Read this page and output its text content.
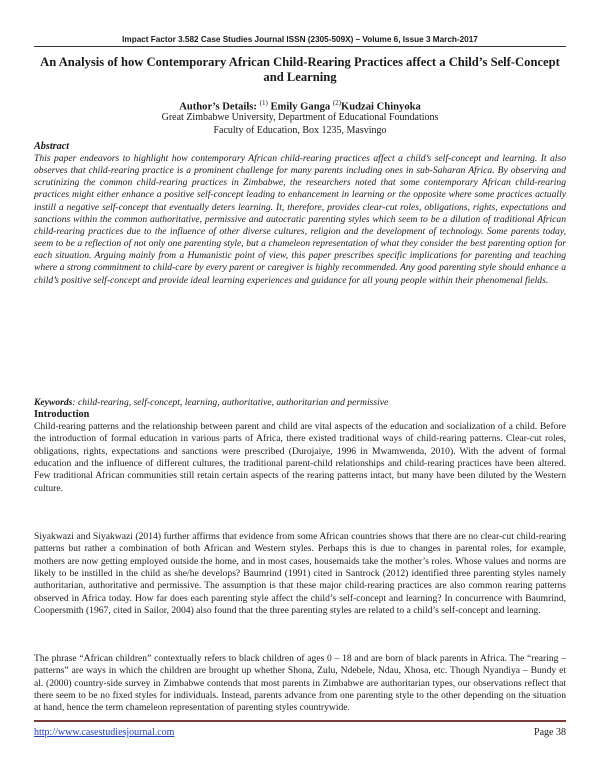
Impact Factor 3.582 Case Studies Journal ISSN (2305-509X) – Volume 6, Issue 3 March-2017
An Analysis of how Contemporary African Child-Rearing Practices affect a Child’s Self-Concept and Learning
Author’s Details: $^{(1)}$ Emily Ganga $^{(2)}$Kudzai Chinyoka
Great Zimbabwe University, Department of Educational Foundations
Faculty of Education, Box 1235, Masvingo
Abstract

This paper endeavors to highlight how contemporary African child-rearing practices affect a child’s self-concept and learning. It also observes that child-rearing practice is a prominent challenge for many parents including ones in sub-Saharan Africa. By observing and scrutinizing the common child-rearing practices in Zimbabwe, the researchers noted that some contemporary African child-rearing practices might either enhance a positive self-concept leading to enhancement in learning or the opposite where some practices actually instill a negative self-concept that eventually deters learning. It, therefore, provides clear-cut roles, obligations, rights, expectations and sanctions within the common authoritative, permissive and autocratic parenting styles which seem to be a dilution of traditional African child-rearing practices due to the influence of other diverse cultures, religion and the development of technology. Some parents today, seem to be a reflection of not only one parenting style, but a chameleon representation of what they consider the best parenting option for each situation. Arguing mainly from a Humanistic point of view, this paper prescribes specific implications for parenting and teaching where a strong commitment to child-care by every parent or caregiver is highly recommended. Any good parenting style should enhance a child’s positive self-concept and provide ideal learning experiences and guidance for all young people within their phenomenal fields.

Keywords: child-rearing, self-concept, learning, authoritative, authoritarian and permissive
Introduction

Child-rearing patterns and the relationship between parent and child are vital aspects of the education and socialization of a child. Before the introduction of formal education in various parts of Africa, there existed traditional ways of child-rearing patterns. Clear-cut roles, obligations, rights, expectations and sanctions were prescribed (Durojaiye, 1996 in Mwamwenda, 2010). With the advent of formal education and the influence of different cultures, the traditional parent-child relationships and child-rearing practices have been altered. Few traditional African communities still retain certain aspects of the rearing patterns intact, but many have been diluted by the Western culture.

Siyakwazi and Siyakwazi (2014) further affirms that evidence from some African countries shows that there are no clear-cut child-rearing patterns but rather a combination of both African and Western styles. Perhaps this is due to changes in parental roles, for example, mothers are now getting employed outside the home, and in most cases, housemaids take the mother’s roles. Whose values and norms are likely to be instilled in the child as she/he develops? Baumrind (1991) cited in Santrock (2012) identified three parenting styles namely authoritarian, authoritative and permissive. The assumption is that these major child-rearing practices are also common rearing patterns observed in Africa today. How far does each parenting style affect the child’s self-concept and learning? In concurrence with Baumrind, Coopersmith (1967, cited in Sailor, 2004) also found that the three parenting styles are related to a child’s self-concept and learning.

The phrase “African children” contextually refers to black children of ages 0 – 18 and are born of black parents in Africa. The “rearing – patterns” are ways in which the children are brought up whether Shona, Zulu, Ndebele, Ndau, Xhosa, etc. Though Nyandiya – Bundy et al. (2000) country-side survey in Zimbabwe contends that most parents in Zimbabwe are authoritarian types, our observations reflect that there seem to be no fixed styles for individuals. Instead, parents advance from one parenting style to the other depending on the situation at hand, hence the term chameleon representation of parenting styles countrywide.

http://www.casestudiesjournal.com	Page 38
